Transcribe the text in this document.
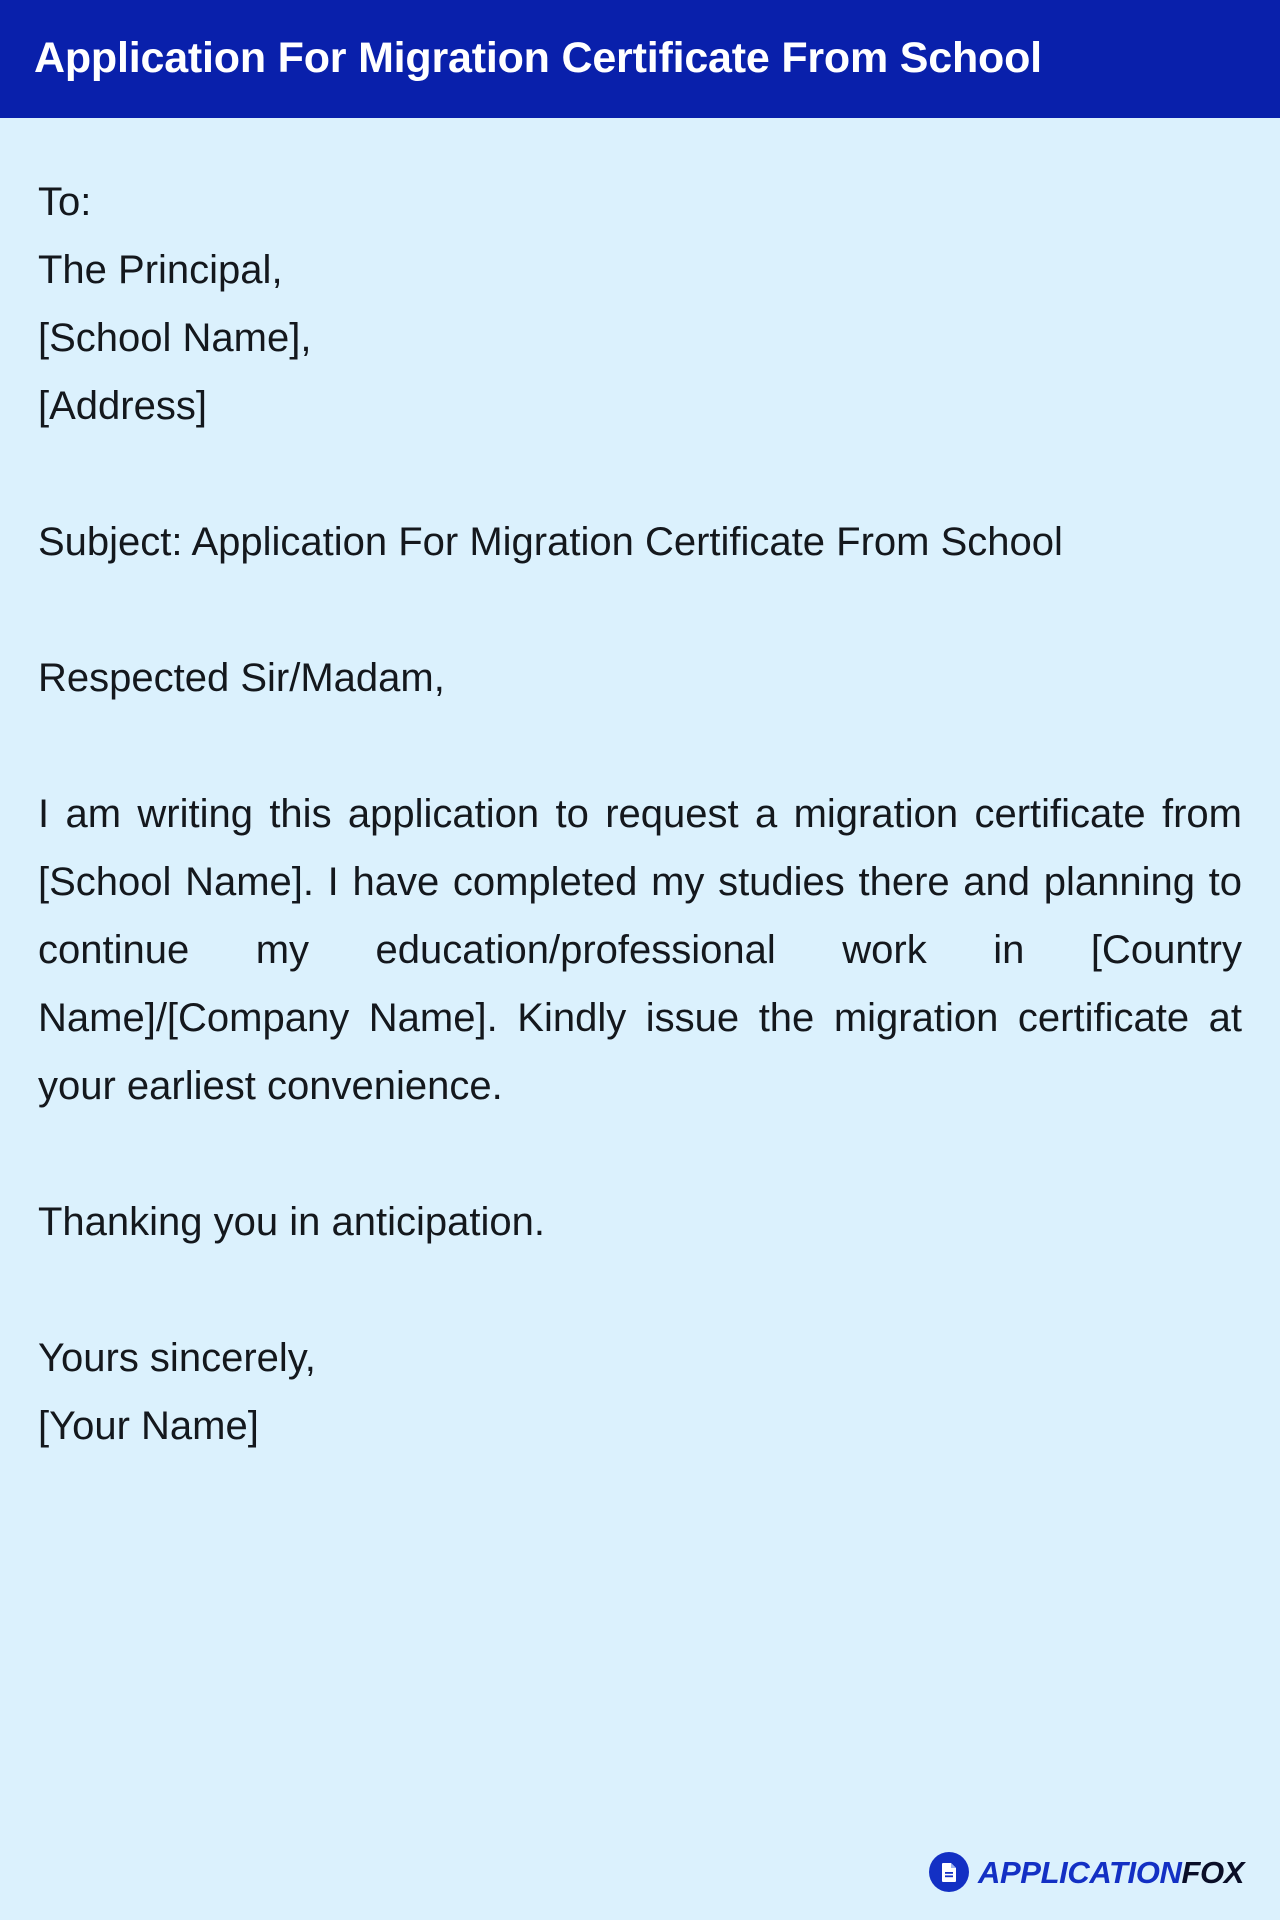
Application For Migration Certificate From School
To:
The Principal,
[School Name],
[Address]

Subject: Application For Migration Certificate From School

Respected Sir/Madam,

I am writing this application to request a migration certificate from [School Name]. I have completed my studies there and planning to continue my education/professional work in [Country Name]/[Company Name]. Kindly issue the migration certificate at your earliest convenience.

Thanking you in anticipation.

Yours sincerely,
[Your Name]
APPLICATIONFOX
